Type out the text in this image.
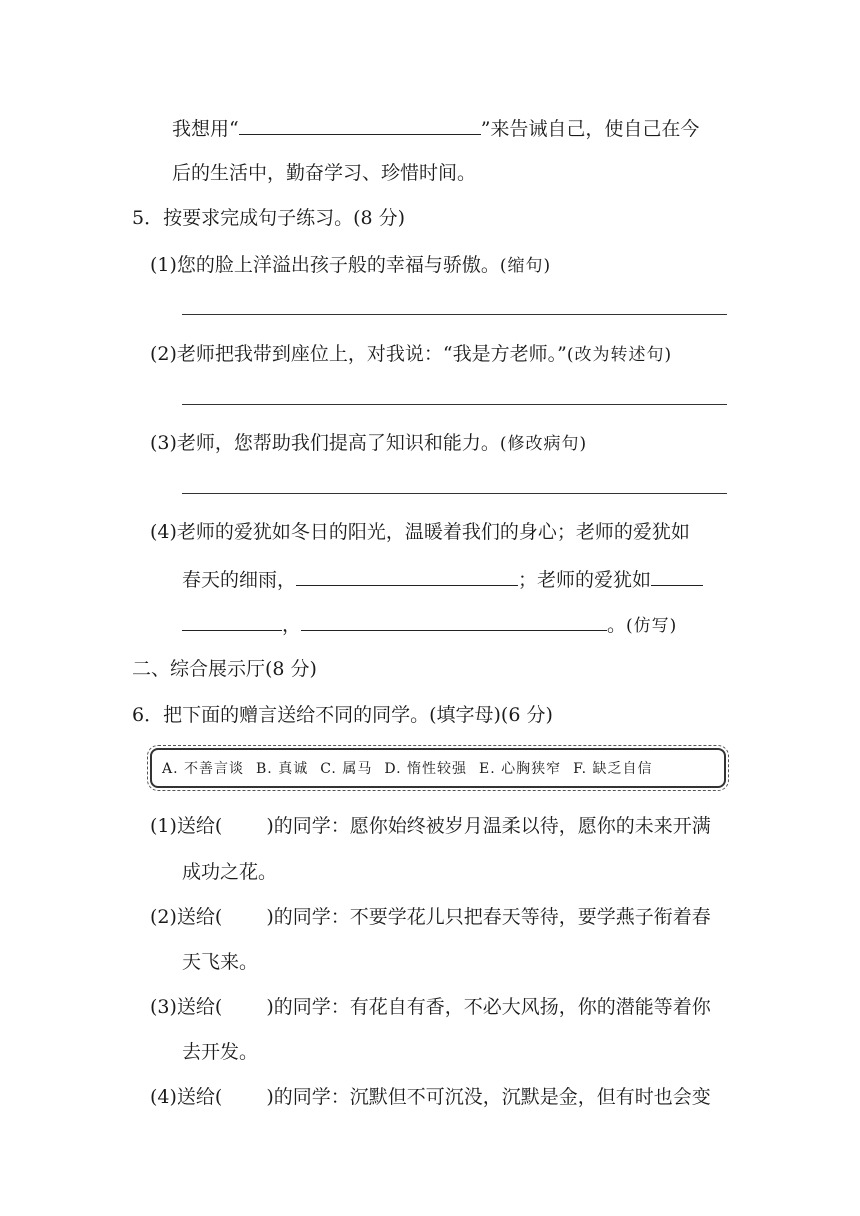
我想用“	”来告诫自己，使自己在今
后的生活中，勤奋学习、珍惜时间。
5．按要求完成句子练习。(8 分)
(1)您的脸上洋溢出孩子般的幸福与骄傲。(缩句)
(2)老师把我带到座位上，对我说：“我是方老师。”(改为转述句)
(3)老师，您帮助我们提高了知识和能力。(修改病句)
(4)老师的爱犹如冬日的阳光，温暖着我们的身心；老师的爱犹如
春天的细雨，	；老师的爱犹如
，	。(仿写)
二、综合展示厅(8 分)
6．把下面的赠言送给不同的同学。(填字母)(6 分)
A. 不善言谈 B. 真诚 C. 属马 D. 惰性较强 E. 心胸狭窄 F. 缺乏自信
(1)送给( )的同学：愿你始终被岁月温柔以待，愿你的未来开满
成功之花。
(2)送给( )的同学：不要学花儿只把春天等待，要学燕子衔着春
天飞来。
(3)送给( )的同学：有花自有香，不必大风扬，你的潜能等着你
去开发。
(4)送给( )的同学：沉默但不可沉没，沉默是金，但有时也会变
